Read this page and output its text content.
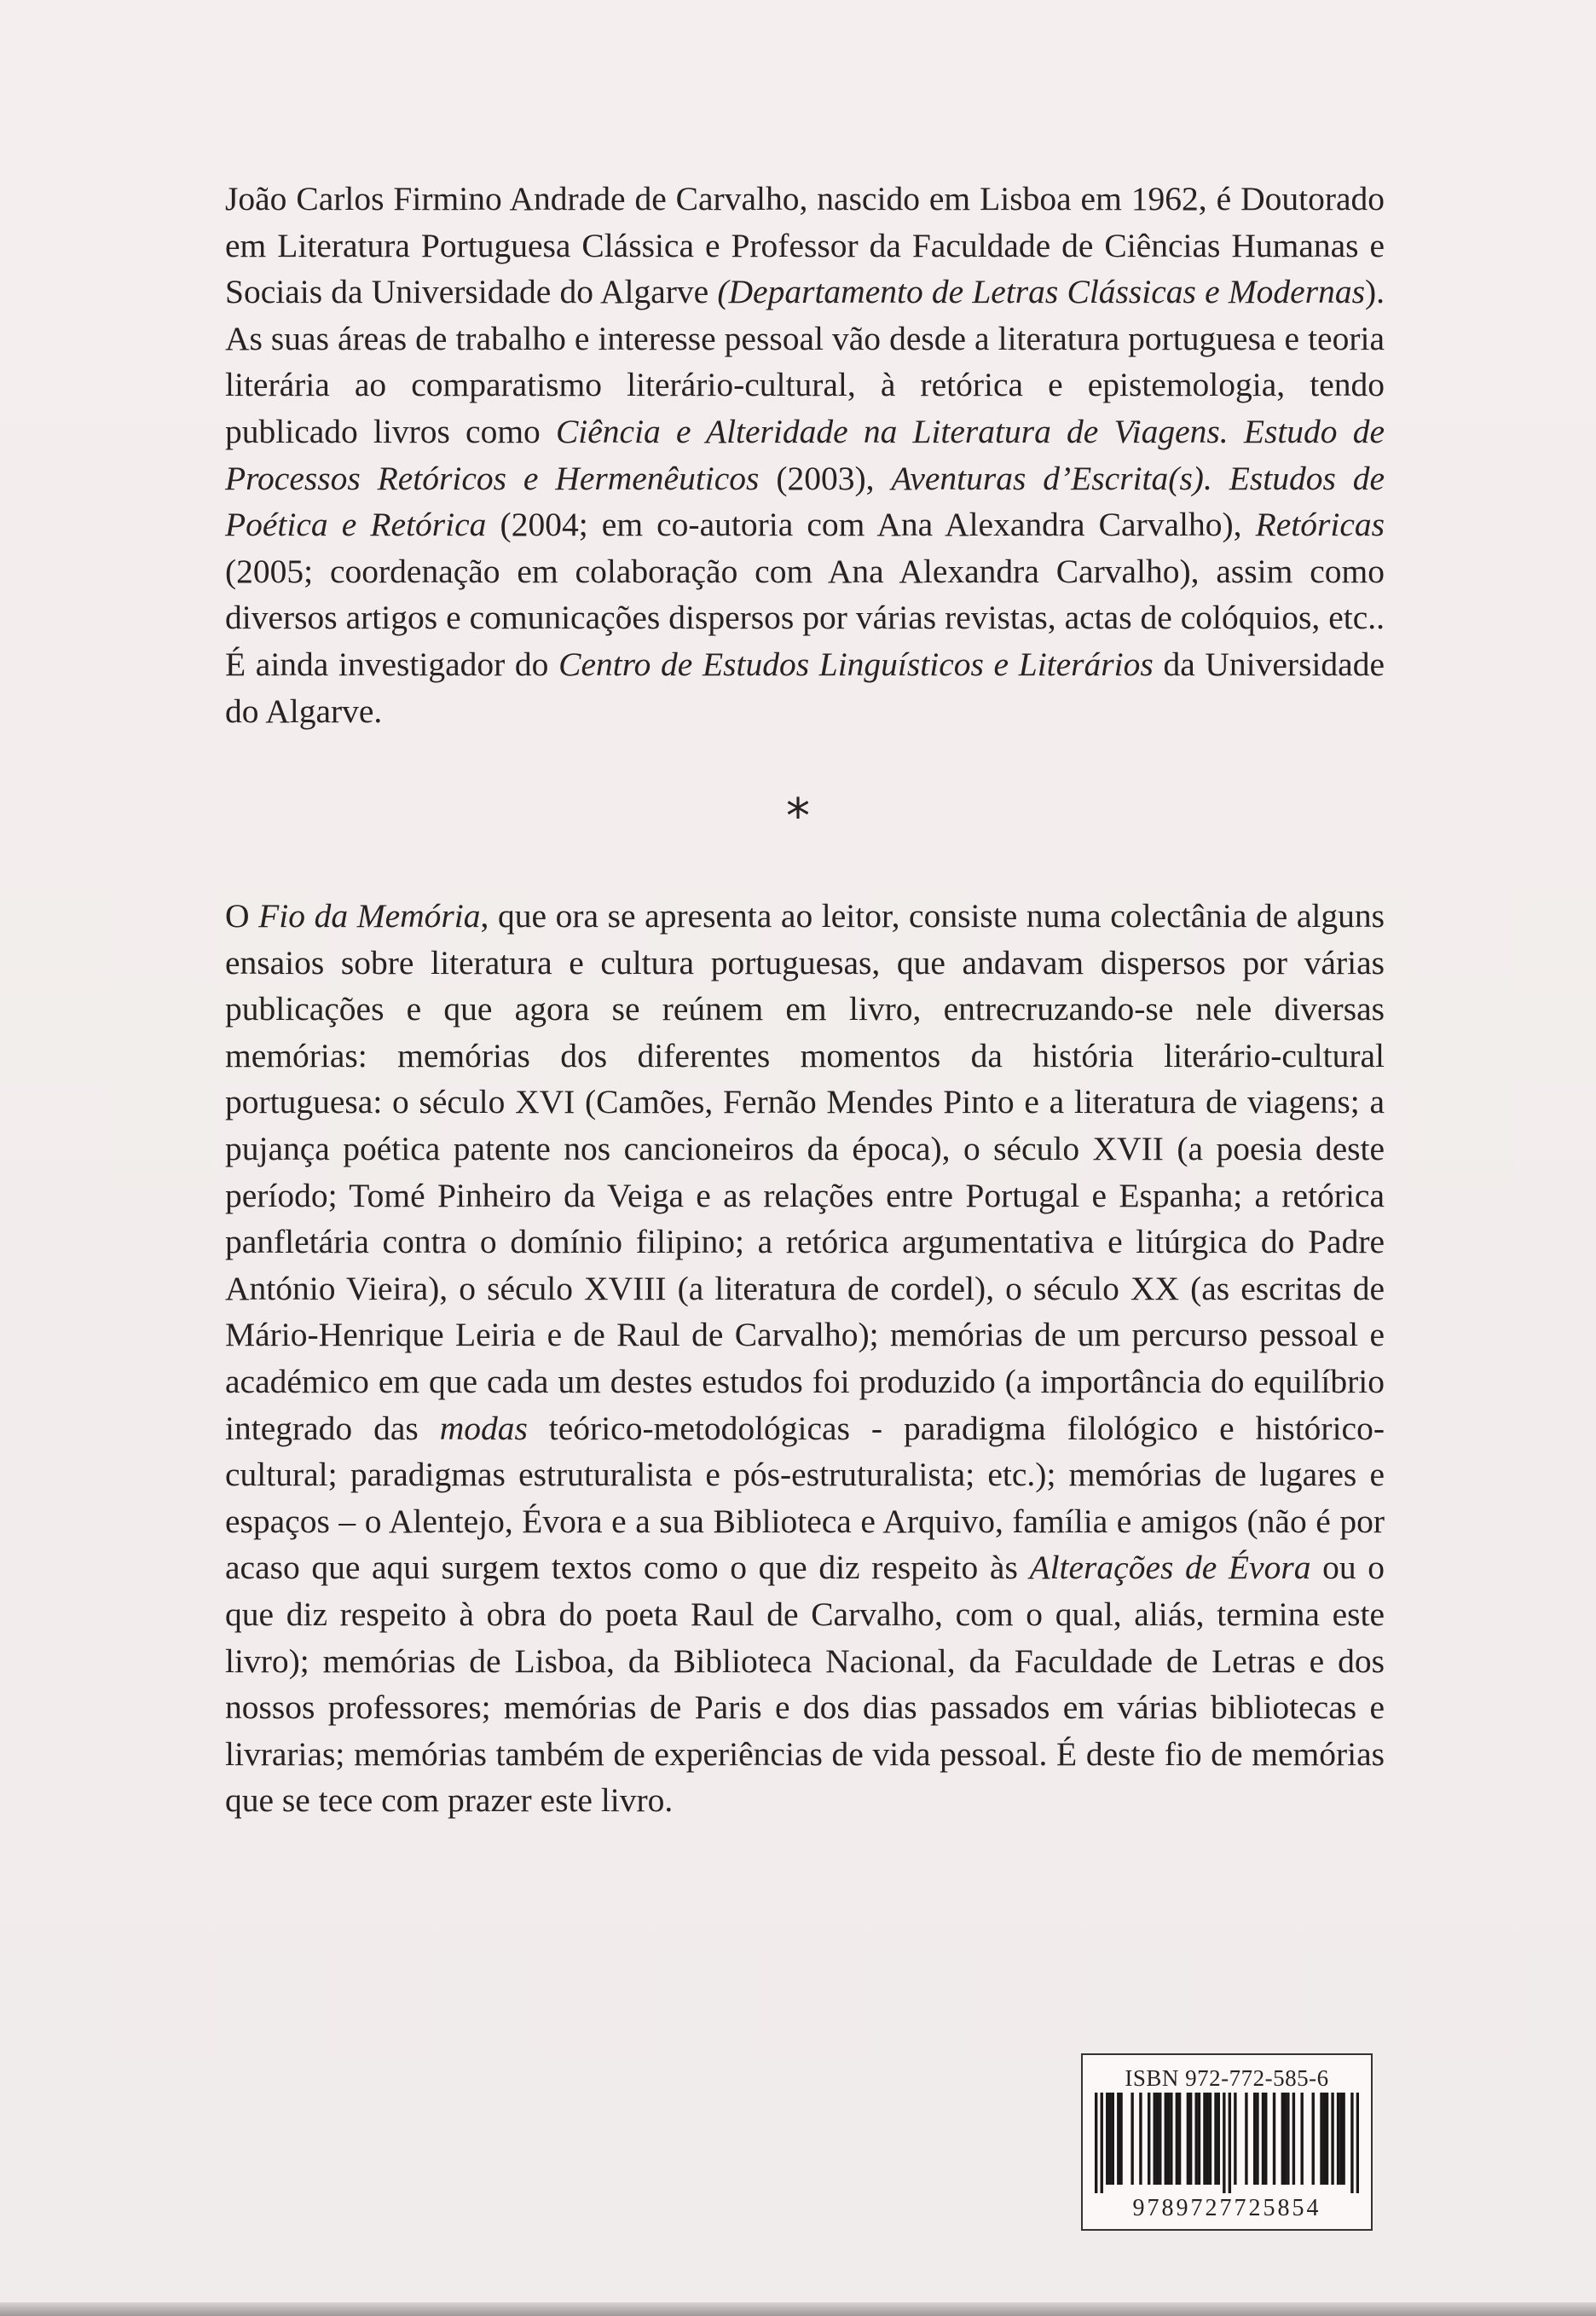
João Carlos Firmino Andrade de Carvalho, nascido em Lisboa em 1962, é Doutorado em Literatura Portuguesa Clássica e Professor da Faculdade de Ciências Humanas e Sociais da Universidade do Algarve (Departamento de Letras Clássicas e Modernas). As suas áreas de trabalho e interesse pessoal vão desde a literatura portuguesa e teoria literária ao comparatismo literário-cultural, à retórica e epistemologia, tendo publicado livros como Ciência e Alteridade na Literatura de Viagens. Estudo de Processos Retóricos e Hermenêuticos (2003), Aventuras d’Escrita(s). Estudos de Poética e Retórica (2004; em co-autoria com Ana Alexandra Carvalho), Retóricas (2005; coordenação em colaboração com Ana Alexandra Carvalho), assim como diversos artigos e comunicações dispersos por várias revistas, actas de colóquios, etc.. É ainda investigador do Centro de Estudos Linguísticos e Literários da Universidade do Algarve.
*
O Fio da Memória, que ora se apresenta ao leitor, consiste numa colectânia de alguns ensaios sobre literatura e cultura portuguesas, que andavam dispersos por várias publicações e que agora se reúnem em livro, entrecruzando-se nele diversas memórias: memórias dos diferentes momentos da história literário-cultural portuguesa: o século XVI (Camões, Fernão Mendes Pinto e a literatura de viagens; a pujança poética patente nos cancioneiros da época), o século XVII (a poesia deste período; Tomé Pinheiro da Veiga e as relações entre Portugal e Espanha; a retórica panfletária contra o domínio filipino; a retórica argumentativa e litúrgica do Padre António Vieira), o século XVIII (a literatura de cordel), o século XX (as escritas de Mário-Henrique Leiria e de Raul de Carvalho); memórias de um percurso pessoal e académico em que cada um destes estudos foi produzido (a importância do equilíbrio integrado das modas teórico-metodológicas - paradigma filológico e histórico-cultural; paradigmas estruturalista e pós-estruturalista; etc.); memórias de lugares e espaços – o Alentejo, Évora e a sua Biblioteca e Arquivo, família e amigos (não é por acaso que aqui surgem textos como o que diz respeito às Alterações de Évora ou o que diz respeito à obra do poeta Raul de Carvalho, com o qual, aliás, termina este livro); memórias de Lisboa, da Biblioteca Nacional, da Faculdade de Letras e dos nossos professores; memórias de Paris e dos dias passados em várias bibliotecas e livrarias; memórias também de experiências de vida pessoal. É deste fio de memórias que se tece com prazer este livro.
ISBN 972-772-585-6
9789727725854
